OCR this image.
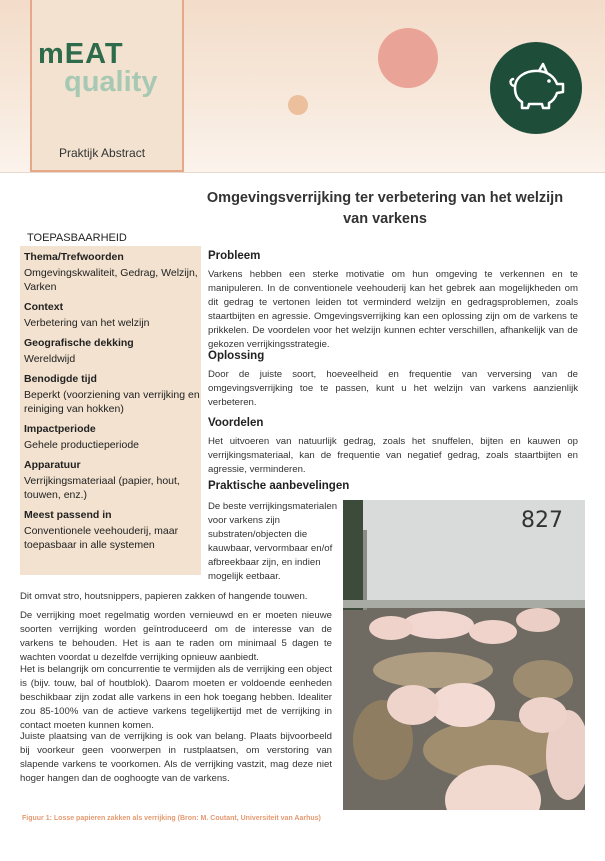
mEAT
quality
Praktijk Abstract
Omgevingsverrijking ter verbetering van het welzijn
van varkens
TOEPASBAARHEID
Thema/Trefwoorden
Omgevingskwaliteit, Gedrag, Welzijn, Varken
Context
Verbetering van het welzijn
Geografische dekking
Wereldwijd
Benodigde tijd
Beperkt (voorziening van verrijking en reiniging van hokken)
Impactperiode
Gehele productieperiode
Apparatuur
Verrijkingsmateriaal (papier, hout, touwen, enz.)
Meest passend in
Conventionele veehouderij, maar toepasbaar in alle systemen
Probleem
Varkens hebben een sterke motivatie om hun omgeving te verkennen en te manipuleren. In de conventionele veehouderij kan het gebrek aan mogelijkheden om dit gedrag te vertonen leiden tot verminderd welzijn en gedragsproblemen, zoals staartbijten en agressie. Omgevingsverrijking kan een oplossing zijn om de varkens te prikkelen. De voordelen voor het welzijn kunnen echter verschillen, afhankelijk van de gekozen verrijkingsstrategie.
Oplossing
Door de juiste soort, hoeveelheid en frequentie van verversing van de omgevingsverrijking toe te passen, kunt u het welzijn van varkens aanzienlijk verbeteren.
Voordelen
Het uitvoeren van natuurlijk gedrag, zoals het snuffelen, bijten en kauwen op verrijkingsmateriaal, kan de frequentie van negatief gedrag, zoals staartbijten en agressie, verminderen.
Praktische aanbevelingen
De beste verrijkingsmaterialen voor varkens zijn substraten/objecten die kauwbaar, vervormbaar en/of afbreekbaar zijn, en indien mogelijk eetbaar.
827
Dit omvat stro, houtsnippers, papieren zakken of hangende touwen.
De verrijking moet regelmatig worden vernieuwd en er moeten nieuwe soorten verrijking worden geïntroduceerd om de interesse van de varkens te behouden. Het is aan te raden om minimaal 5 dagen te wachten voordat u dezelfde verrijking opnieuw aanbiedt.
Het is belangrijk om concurrentie te vermijden als de verrijking een object is (bijv. touw, bal of houtblok). Daarom moeten er voldoende eenheden beschikbaar zijn zodat alle varkens in een hok toegang hebben. Idealiter zou 85-100% van de actieve varkens tegelijkertijd met de verrijking in contact moeten kunnen komen.
Juiste plaatsing van de verrijking is ook van belang. Plaats bijvoorbeeld bij voorkeur geen voorwerpen in rustplaatsen, om verstoring van slapende varkens te voorkomen. Als de verrijking vastzit, mag deze niet hoger hangen dan de ooghoogte van de varkens.
Figuur 1: Losse papieren zakken als verrijking (Bron: M. Coutant, Universiteit van Aarhus)
